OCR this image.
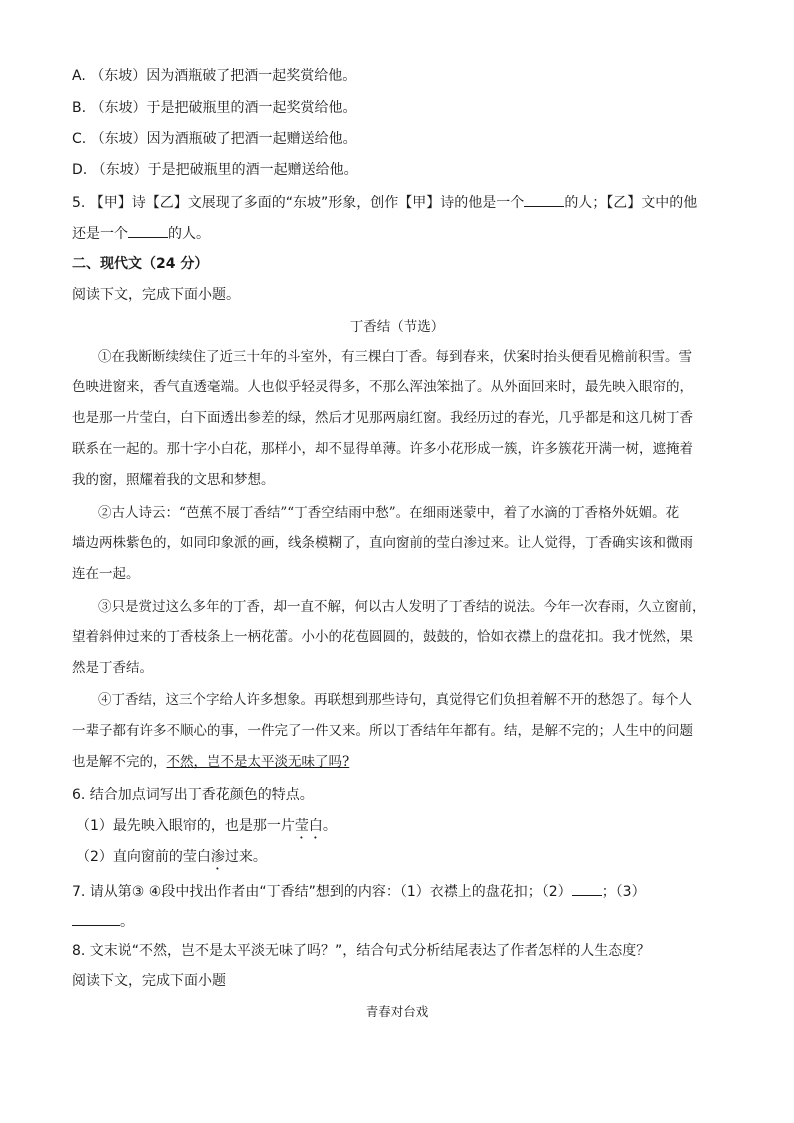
A. （东坡）因为酒瓶破了把酒一起奖赏给他。
B. （东坡）于是把破瓶里的酒一起奖赏给他。
C. （东坡）因为酒瓶破了把酒一起赠送给他。
D. （东坡）于是把破瓶里的酒一起赠送给他。
5. 【甲】诗【乙】文展现了多面的“东坡”形象，创作【甲】诗的他是一个	的人；【乙】文中的他
还是一个	的人。
二、现代文（24 分）
阅读下文，完成下面小题。
丁香结（节选）
①在我断断续续住了近三十年的斗室外，有三棵白丁香。每到春来，伏案时抬头便看见檐前积雪。雪
色映进窗来，香气直透毫端。人也似乎轻灵得多，不那么浑浊笨拙了。从外面回来时，最先映入眼帘的，
也是那一片莹白，白下面透出参差的绿，然后才见那两扇红窗。我经历过的春光，几乎都是和这几树丁香
联系在一起的。那十字小白花，那样小，却不显得单薄。许多小花形成一簇，许多簇花开满一树，遮掩着
我的窗，照耀着我的文思和梦想。
②古人诗云：“芭蕉不展丁香结”“丁香空结雨中愁”。在细雨迷蒙中，着了水滴的丁香格外妩媚。花
墙边两株紫色的，如同印象派的画，线条模糊了，直向窗前的莹白渗过来。让人觉得，丁香确实该和微雨
连在一起。
③只是赏过这么多年的丁香，却一直不解，何以古人发明了丁香结的说法。今年一次春雨，久立窗前，
望着斜伸过来的丁香枝条上一柄花蕾。小小的花苞圆圆的，鼓鼓的，恰如衣襟上的盘花扣。我才恍然，果
然是丁香结。
④丁香结，这三个字给人许多想象。再联想到那些诗句，真觉得它们负担着解不开的愁怨了。每个人
一辈子都有许多不顺心的事，一件完了一件又来。所以丁香结年年都有。结，是解不完的；人生中的问题
也是解不完的，不然，岂不是太平淡无味了吗?
6. 结合加点词写出丁香花颜色的特点。
（1）最先映入眼帘的，也是那一片莹白。
（2）直向窗前的莹白渗过来。
7. 请从第③ ④段中找出作者由“丁香结”想到的内容：（1）衣襟上的盘花扣；（2） ；（3）
。
8. 文末说“不然，岂不是太平淡无味了吗？”，结合句式分析结尾表达了作者怎样的人生态度？
阅读下文，完成下面小题
青春对台戏
